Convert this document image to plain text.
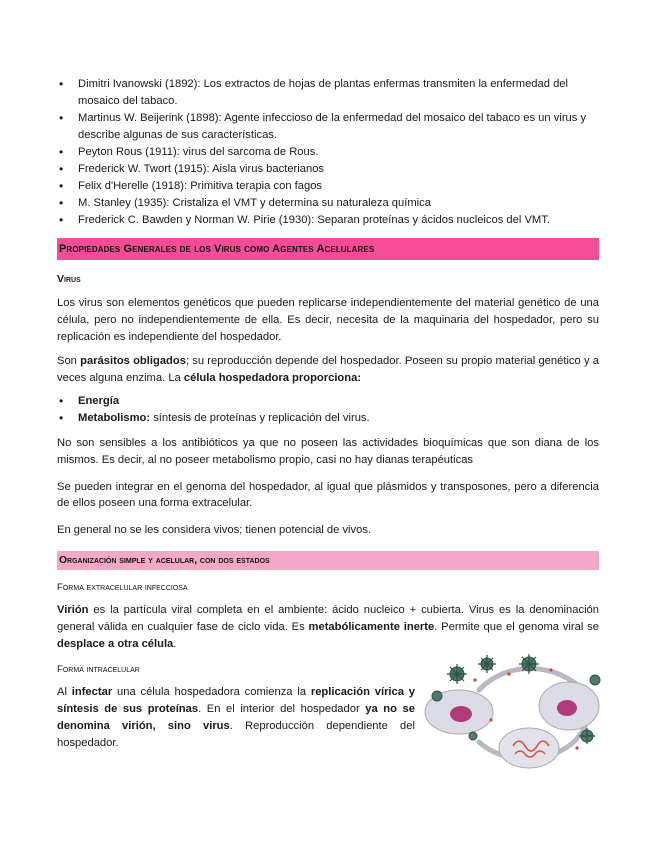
• Dimitri Ivanowski (1892): Los extractos de hojas de plantas enfermas transmiten la enfermedad del mosaico del tabaco.
• Martinus W. Beijerink (1898): Agente infeccioso de la enfermedad del mosaico del tabaco es un virus y describe algunas de sus características.
• Peyton Rous (1911): virus del sarcoma de Rous.
• Frederick W. Twort (1915): Aisla virus bacterianos
• Felix d'Herelle (1918): Primitiva terapia con fagos
• M. Stanley (1935): Cristaliza el VMT y determina su naturaleza química
• Frederick C. Bawden y Norman W. Pirie (1930): Separan proteínas y ácidos nucleicos del VMT.
Propiedades Generales de los Virus como Agentes Acelulares
Virus

Los virus son elementos genéticos que pueden replicarse independientemente del material genético de una célula, pero no independientemente de ella. Es decir, necesita de la maquinaria del hospedador, pero su replicación es independiente del hospedador.

Son parásitos obligados; su reproducción depende del hospedador. Poseen su propio material genético y a veces alguna enzima. La célula hospedadora proporciona:

• Energía
• Metabolismo: síntesis de proteínas y replicación del virus.

No son sensibles a los antibióticos ya que no poseen las actividades bioquímicas que son diana de los mismos. Es decir, al no poseer metabolismo propio, casi no hay dianas terapéuticas

Se pueden integrar en el genoma del hospedador, al igual que plásmidos y transposones, pero a diferencia de ellos poseen una forma extracelular.

En general no se les considera vivos; tienen potencial de vivos.

Organización simple y acelular, con dos estados
Forma extracelular infecciosa

Virión es la partícula viral completa en el ambiente: ácido nucleico + cubierta. Virus es la denominación general válida en cualquier fase de ciclo vida. Es metabólicamente inerte. Permite que el genoma viral se desplace a otra célula.

Forma intracelular

Al infectar una célula hospedadora comienza la replicación vírica y síntesis de sus proteínas. En el interior del hospedador ya no se denomina virión, sino virus. Reproducción dependiente del hospedador.
